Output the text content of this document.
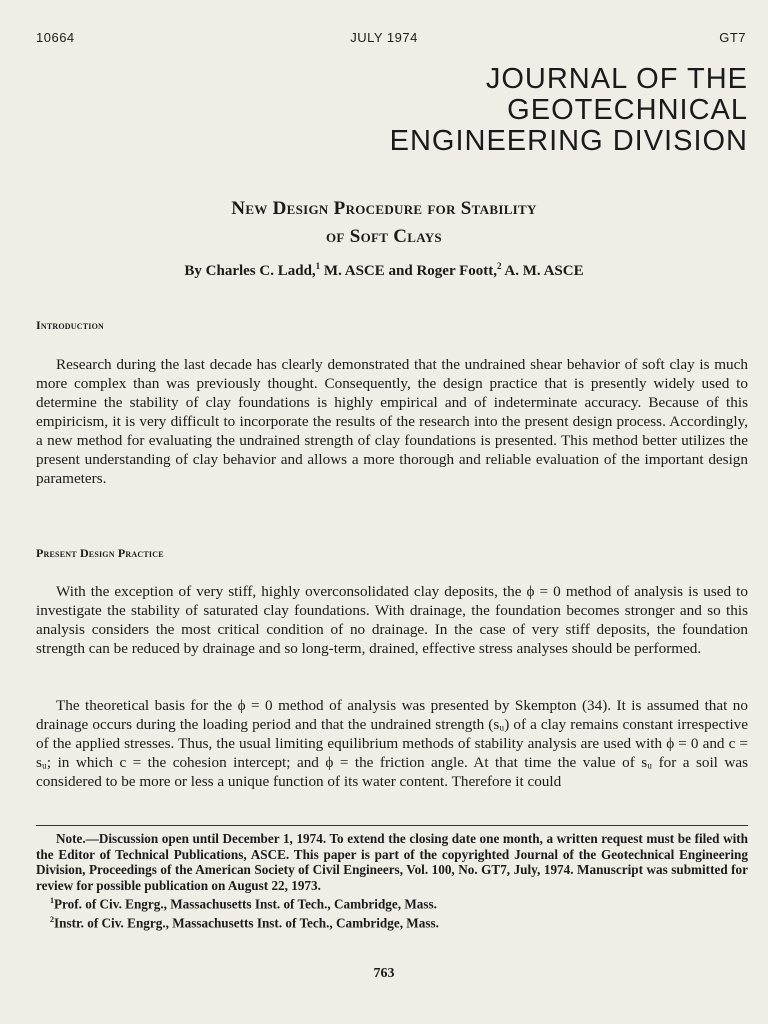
10664	JULY 1974	GT7
JOURNAL OF THE
GEOTECHNICAL
ENGINEERING DIVISION
New Design Procedure for Stability
of Soft Clays
By Charles C. Ladd,$^1$ M. ASCE and Roger Foott,$^2$ A. M. ASCE
Introduction

Research during the last decade has clearly demonstrated that the undrained shear behavior of soft clay is much more complex than was previously thought. Consequently, the design practice that is presently widely used to determine the stability of clay foundations is highly empirical and of indeterminate accuracy. Because of this empiricism, it is very difficult to incorporate the results of the research into the present design process. Accordingly, a new method for evaluating the undrained strength of clay foundations is presented. This method better utilizes the present understanding of clay behavior and allows a more thorough and reliable evaluation of the important design parameters.

Present Design Practice

With the exception of very stiff, highly overconsolidated clay deposits, the ϕ = 0 method of analysis is used to investigate the stability of saturated clay foundations. With drainage, the foundation becomes stronger and so this analysis considers the most critical condition of no drainage. In the case of very stiff deposits, the foundation strength can be reduced by drainage and so long-term, drained, effective stress analyses should be performed.

The theoretical basis for the ϕ = 0 method of analysis was presented by Skempton (34). It is assumed that no drainage occurs during the loading period and that the undrained strength (sᵤ) of a clay remains constant irrespective of the applied stresses. Thus, the usual limiting equilibrium methods of stability analysis are used with ϕ = 0 and c = sᵤ; in which c = the cohesion intercept; and ϕ = the friction angle. At that time the value of sᵤ for a soil was considered to be more or less a unique function of its water content. Therefore it could

Note.—Discussion open until December 1, 1974. To extend the closing date one month, a written request must be filed with the Editor of Technical Publications, ASCE. This paper is part of the copyrighted Journal of the Geotechnical Engineering Division, Proceedings of the American Society of Civil Engineers, Vol. 100, No. GT7, July, 1974. Manuscript was submitted for review for possible publication on August 22, 1973.

$^1$Prof. of Civ. Engrg., Massachusetts Inst. of Tech., Cambridge, Mass.

$^2$Instr. of Civ. Engrg., Massachusetts Inst. of Tech., Cambridge, Mass.

763
